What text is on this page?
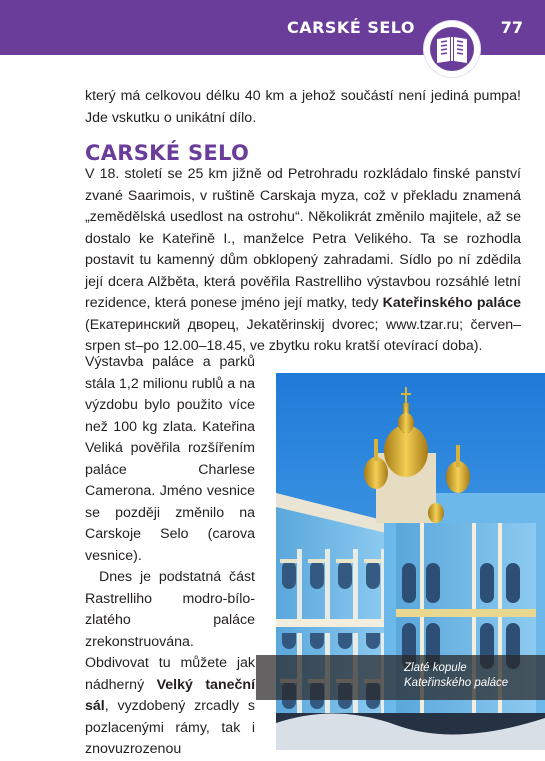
CARSKÉ SELO	77
který má celkovou délku 40 km a jehož součástí není jediná pumpa! Jde vskutku o unikátní dílo.
CARSKÉ SELO
V 18. století se 25 km jižně od Petrohradu rozkládalo finské panství zvané Saarimois, v ruštině Carskaja myza, což v překladu znamená „zemědělská usedlost na ostrohu“. Několikrát změnilo majitele, až se dostalo ke Kateřině I., manželce Petra Velikého. Ta se rozhodla postavit tu kamenný dům obklopený zahradami. Sídlo po ní zdědila její dcera Alžběta, která pověřila Rastrelliho výstavbou rozsáhlé letní rezidence, která ponese jméno její matky, tedy Kateřinského paláce (Екатеринский дворец, Jekatěrinskij dvorec; www.tzar.ru; červen–srpen st–po 12.00–18.45, ve zbytku roku kratší otevírací doba).

Výstavba paláce a parků stála 1,2 milionu rublů a na výzdobu bylo použito více než 100 kg zlata. Kateřina Veliká pověřila rozšířením paláce Charlese Camerona. Jméno vesnice se později změnilo na Carskoje Selo (carova vesnice).

Dnes je podstatná část Rastrelliho modro-bílo-zlatého paláce zrekonstruována. Obdivovat tu můžete jak nádherný Velký taneční sál, vyzdobený zrcadly s pozlacenými rámy, tak i znovuzrozenou

Zlaté kopule
Kateřinského paláce
